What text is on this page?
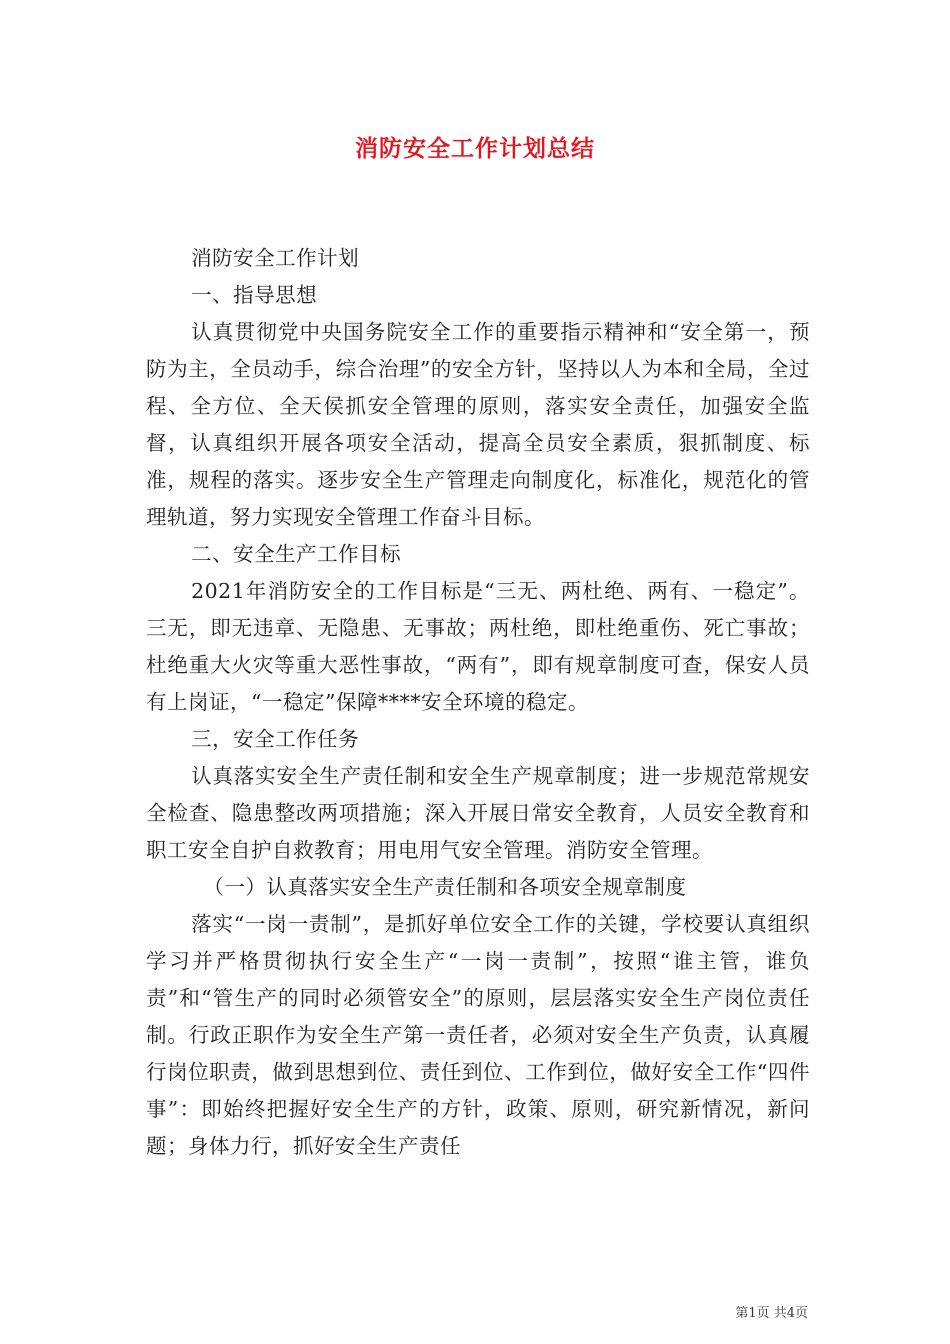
消防安全工作计划总结

消防安全工作计划

一、指导思想

认真贯彻党中央国务院安全工作的重要指示精神和“安全第一，预防为主，全员动手，综合治理”的安全方针，坚持以人为本和全局，全过程、全方位、全天侯抓安全管理的原则，落实安全责任，加强安全监督，认真组织开展各项安全活动，提高全员安全素质，狠抓制度、标准，规程的落实。逐步安全生产管理走向制度化，标准化，规范化的管理轨道，努力实现安全管理工作奋斗目标。

二、安全生产工作目标

2021年消防安全的工作目标是“三无、两杜绝、两有、一稳定”。三无，即无违章、无隐患、无事故；两杜绝，即杜绝重伤、死亡事故；杜绝重大火灾等重大恶性事故，“两有”，即有规章制度可查，保安人员有上岗证，“一稳定”保障****安全环境的稳定。

三，安全工作任务

认真落实安全生产责任制和安全生产规章制度；进一步规范常规安全检查、隐患整改两项措施；深入开展日常安全教育，人员安全教育和职工安全自护自救教育；用电用气安全管理。消防安全管理。

（一）认真落实安全生产责任制和各项安全规章制度

落实“一岗一责制”，是抓好单位安全工作的关键，学校要认真组织学习并严格贯彻执行安全生产“一岗一责制”，按照“谁主管，谁负责”和“管生产的同时必须管安全”的原则，层层落实安全生产岗位责任制。行政正职作为安全生产第一责任者，必须对安全生产负责，认真履行岗位职责，做到思想到位、责任到位、工作到位，做好安全工作“四件事”：即始终把握好安全生产的方针，政策、原则，研究新情况，新问题；身体力行，抓好安全生产责任

第1页 共4页
